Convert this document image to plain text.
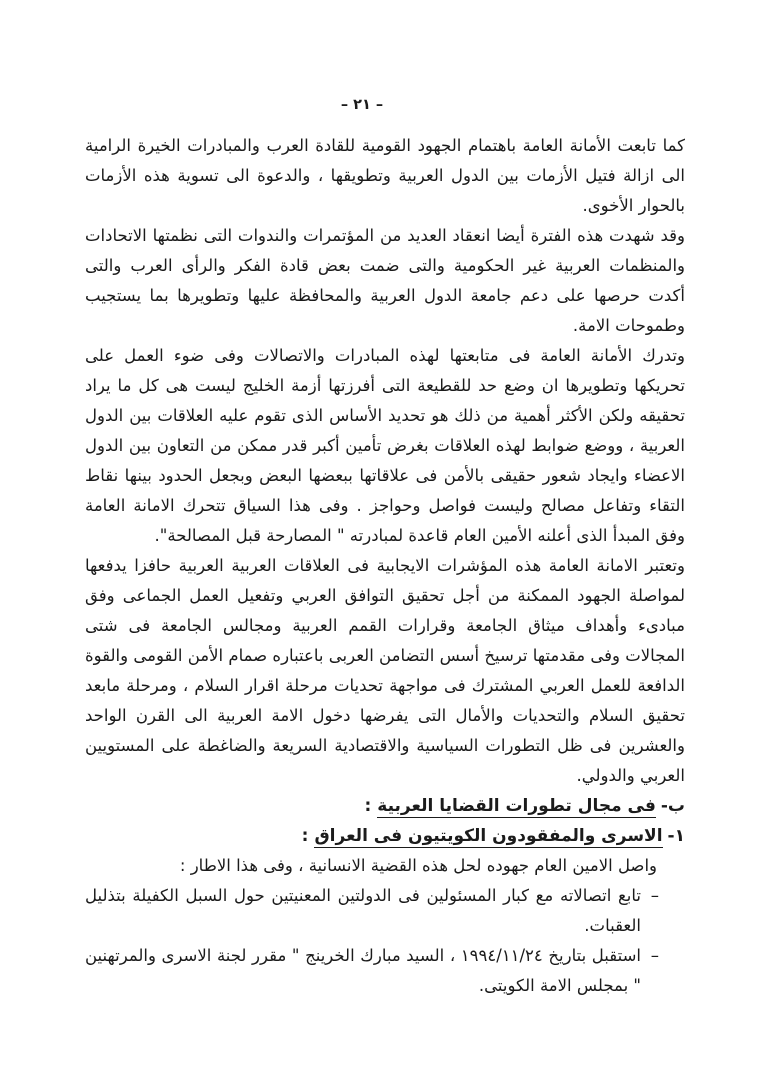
– ٢١ –

كما تابعت الأمانة العامة باهتمام الجهود القومية للقادة العرب والمبادرات الخيرة الرامية الى ازالة فتيل الأزمات بين الدول العربية وتطويقها ، والدعوة الى تسوية هذه الأزمات بالحوار الأخوى.

وقد شهدت هذه الفترة أيضا انعقاد العديد من المؤتمرات والندوات التى نظمتها الاتحادات والمنظمات العربية غير الحكومية والتى ضمت بعض قادة الفكر والرأى العرب والتى أكدت حرصها على دعم جامعة الدول العربية والمحافظة عليها وتطويرها بما يستجيب وطموحات الامة.

وتدرك الأمانة العامة فى متابعتها لهذه المبادرات والاتصالات وفى ضوء العمل على تحريكها وتطويرها ان وضع حد للقطيعة التى أفرزتها أزمة الخليج ليست هى كل ما يراد تحقيقه ولكن الأكثر أهمية من ذلك هو تحديد الأساس الذى تقوم عليه العلاقات بين الدول العربية ، ووضع ضوابط لهذه العلاقات بغرض تأمين أكبر قدر ممكن من التعاون بين الدول الاعضاء وايجاد شعور حقيقى بالأمن فى علاقاتها ببعضها البعض وبجعل الحدود بينها نقاط التقاء وتفاعل مصالح وليست فواصل وحواجز . وفى هذا السياق تتحرك الامانة العامة وفق المبدأ الذى أعلنه الأمين العام قاعدة لمبادرته " المصارحة قبل المصالحة".

وتعتبر الامانة العامة هذه المؤشرات الايجابية فى العلاقات العربية العربية حافزا يدفعها لمواصلة الجهود الممكنة من أجل تحقيق التوافق العربي وتفعيل العمل الجماعى وفق مبادىء وأهداف ميثاق الجامعة وقرارات القمم العربية ومجالس الجامعة فى شتى المجالات وفى مقدمتها ترسيخ أسس التضامن العربى باعتباره صمام الأمن القومى والقوة الدافعة للعمل العربي المشترك فى مواجهة تحديات مرحلة اقرار السلام ، ومرحلة مابعد تحقيق السلام والتحديات والأمال التى يفرضها دخول الامة العربية الى القرن الواحد والعشرين فى ظل التطورات السياسية والاقتصادية السريعة والضاغطة على المستويين العربي والدولي.

ب-فى مجال تطورات القضايا العربية:
١-الاسرى والمفقودون الكويتيون فى العراق:

واصل الامين العام جهوده لحل هذه القضية الانسانية ، وفى هذا الاطار :

–
تابع اتصالاته مع كبار المسئولين فى الدولتين المعنيتين حول السبل الكفيلة بتذليل العقبات.
–
استقبل بتاريخ ١٩٩٤/١١/٢٤ ، السيد مبارك الخرينج " مقرر لجنة الاسرى والمرتهنين " بمجلس الامة الكويتى.
